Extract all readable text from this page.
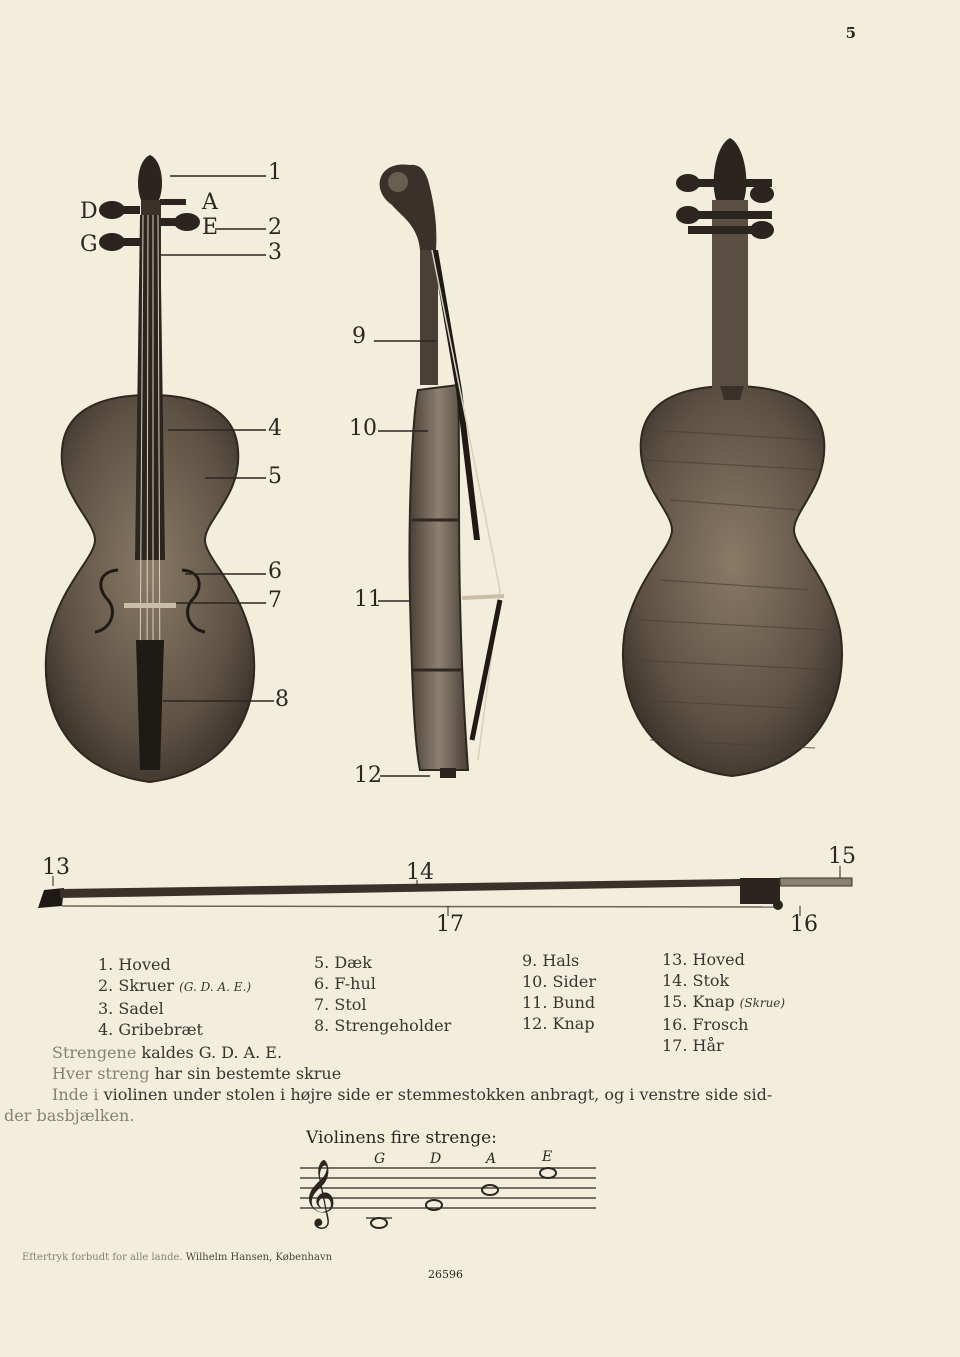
5
𝄞
1
D
G
A
E 2
3
4
5
6
7
8
9
10
11
12
13	14
15
17	16
1. Hoved
2. Skruer (G. D. A. E.)
3. Sadel
4. Gribebræt
5. Dæk
6. F-hul
7. Stol
8. Strengeholder
9. Hals
10. Sider
11. Bund
12. Knap
13. Hoved
14. Stok
15. Knap (Skrue)
16. Frosch
17. Hår
Strengene kaldes G. D. A. E.
Hver streng har sin bestemte skrue
Inde i violinen under stolen i højre side er stemmestokken anbragt, og i venstre side sid-
der basbjælken.
Violinens fire strenge:
G	D	A	E
Eftertryk forbudt for alle lande. Wilhelm Hansen, København
26596
